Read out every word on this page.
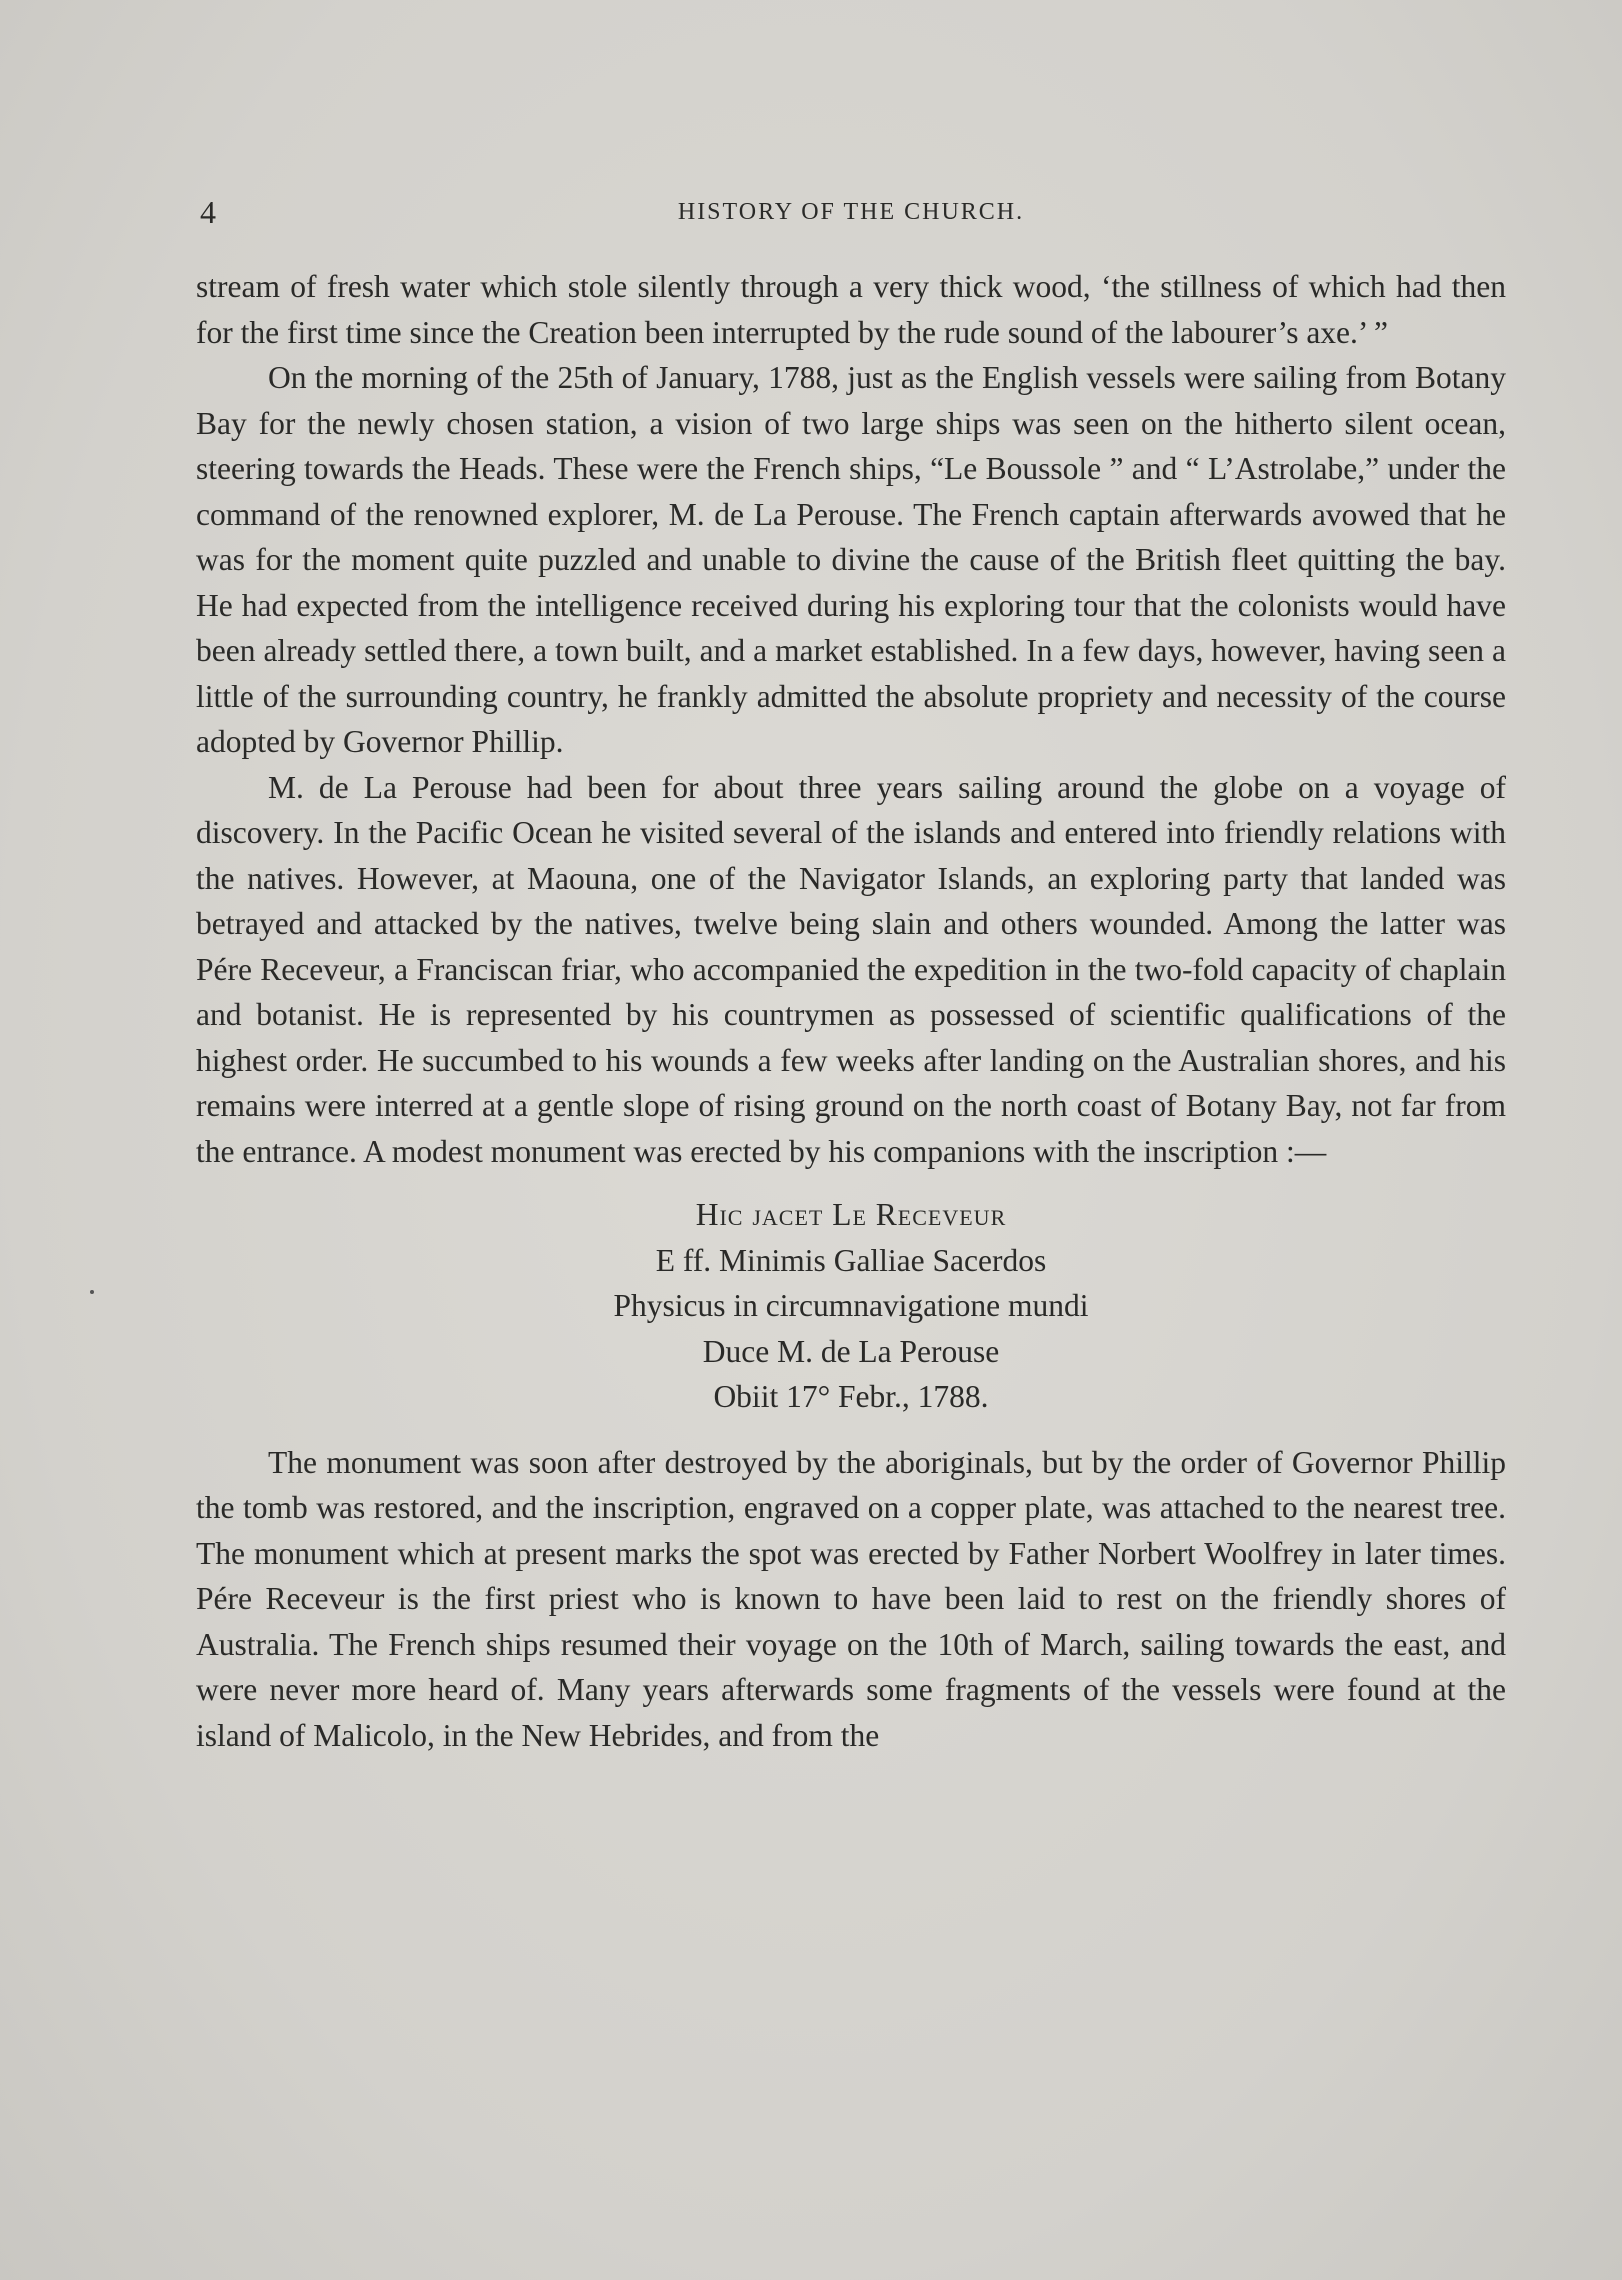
4	HISTORY OF THE CHURCH.

stream of fresh water which stole silently through a very thick wood, ‘the stillness of which had then for the first time since the Creation been interrupted by the rude sound of the labourer’s axe.’ ”

On the morning of the 25th of January, 1788, just as the English vessels were sailing from Botany Bay for the newly chosen station, a vision of two large ships was seen on the hitherto silent ocean, steering towards the Heads. These were the French ships, “Le Boussole ” and “ L’Astrolabe,” under the command of the renowned explorer, M. de La Perouse. The French captain afterwards avowed that he was for the moment quite puzzled and unable to divine the cause of the British fleet quitting the bay. He had expected from the intelligence received during his exploring tour that the colonists would have been already settled there, a town built, and a market established. In a few days, however, having seen a little of the surrounding country, he frankly admitted the absolute propriety and necessity of the course adopted by Governor Phillip.

M. de La Perouse had been for about three years sailing around the globe on a voyage of discovery. In the Pacific Ocean he visited several of the islands and entered into friendly relations with the natives. However, at Maouna, one of the Navigator Islands, an exploring party that landed was betrayed and attacked by the natives, twelve being slain and others wounded. Among the latter was Pére Receveur, a Franciscan friar, who accompanied the expedition in the two-fold capacity of chaplain and botanist. He is represented by his countrymen as possessed of scientific qualifications of the highest order. He succumbed to his wounds a few weeks after landing on the Australian shores, and his remains were interred at a gentle slope of rising ground on the north coast of Botany Bay, not far from the entrance. A modest monument was erected by his companions with the inscription :—

Hic jacet Le Receveur
E ff. Minimis Galliae Sacerdos
Physicus in circumnavigatione mundi
Duce M. de La Perouse
Obiit 17° Febr., 1788.

The monument was soon after destroyed by the aboriginals, but by the order of Governor Phillip the tomb was restored, and the inscription, engraved on a copper plate, was attached to the nearest tree. The monument which at present marks the spot was erected by Father Norbert Woolfrey in later times. Pére Receveur is the first priest who is known to have been laid to rest on the friendly shores of Australia. The French ships resumed their voyage on the 10th of March, sailing towards the east, and were never more heard of. Many years afterwards some fragments of the vessels were found at the island of Malicolo, in the New Hebrides, and from the
